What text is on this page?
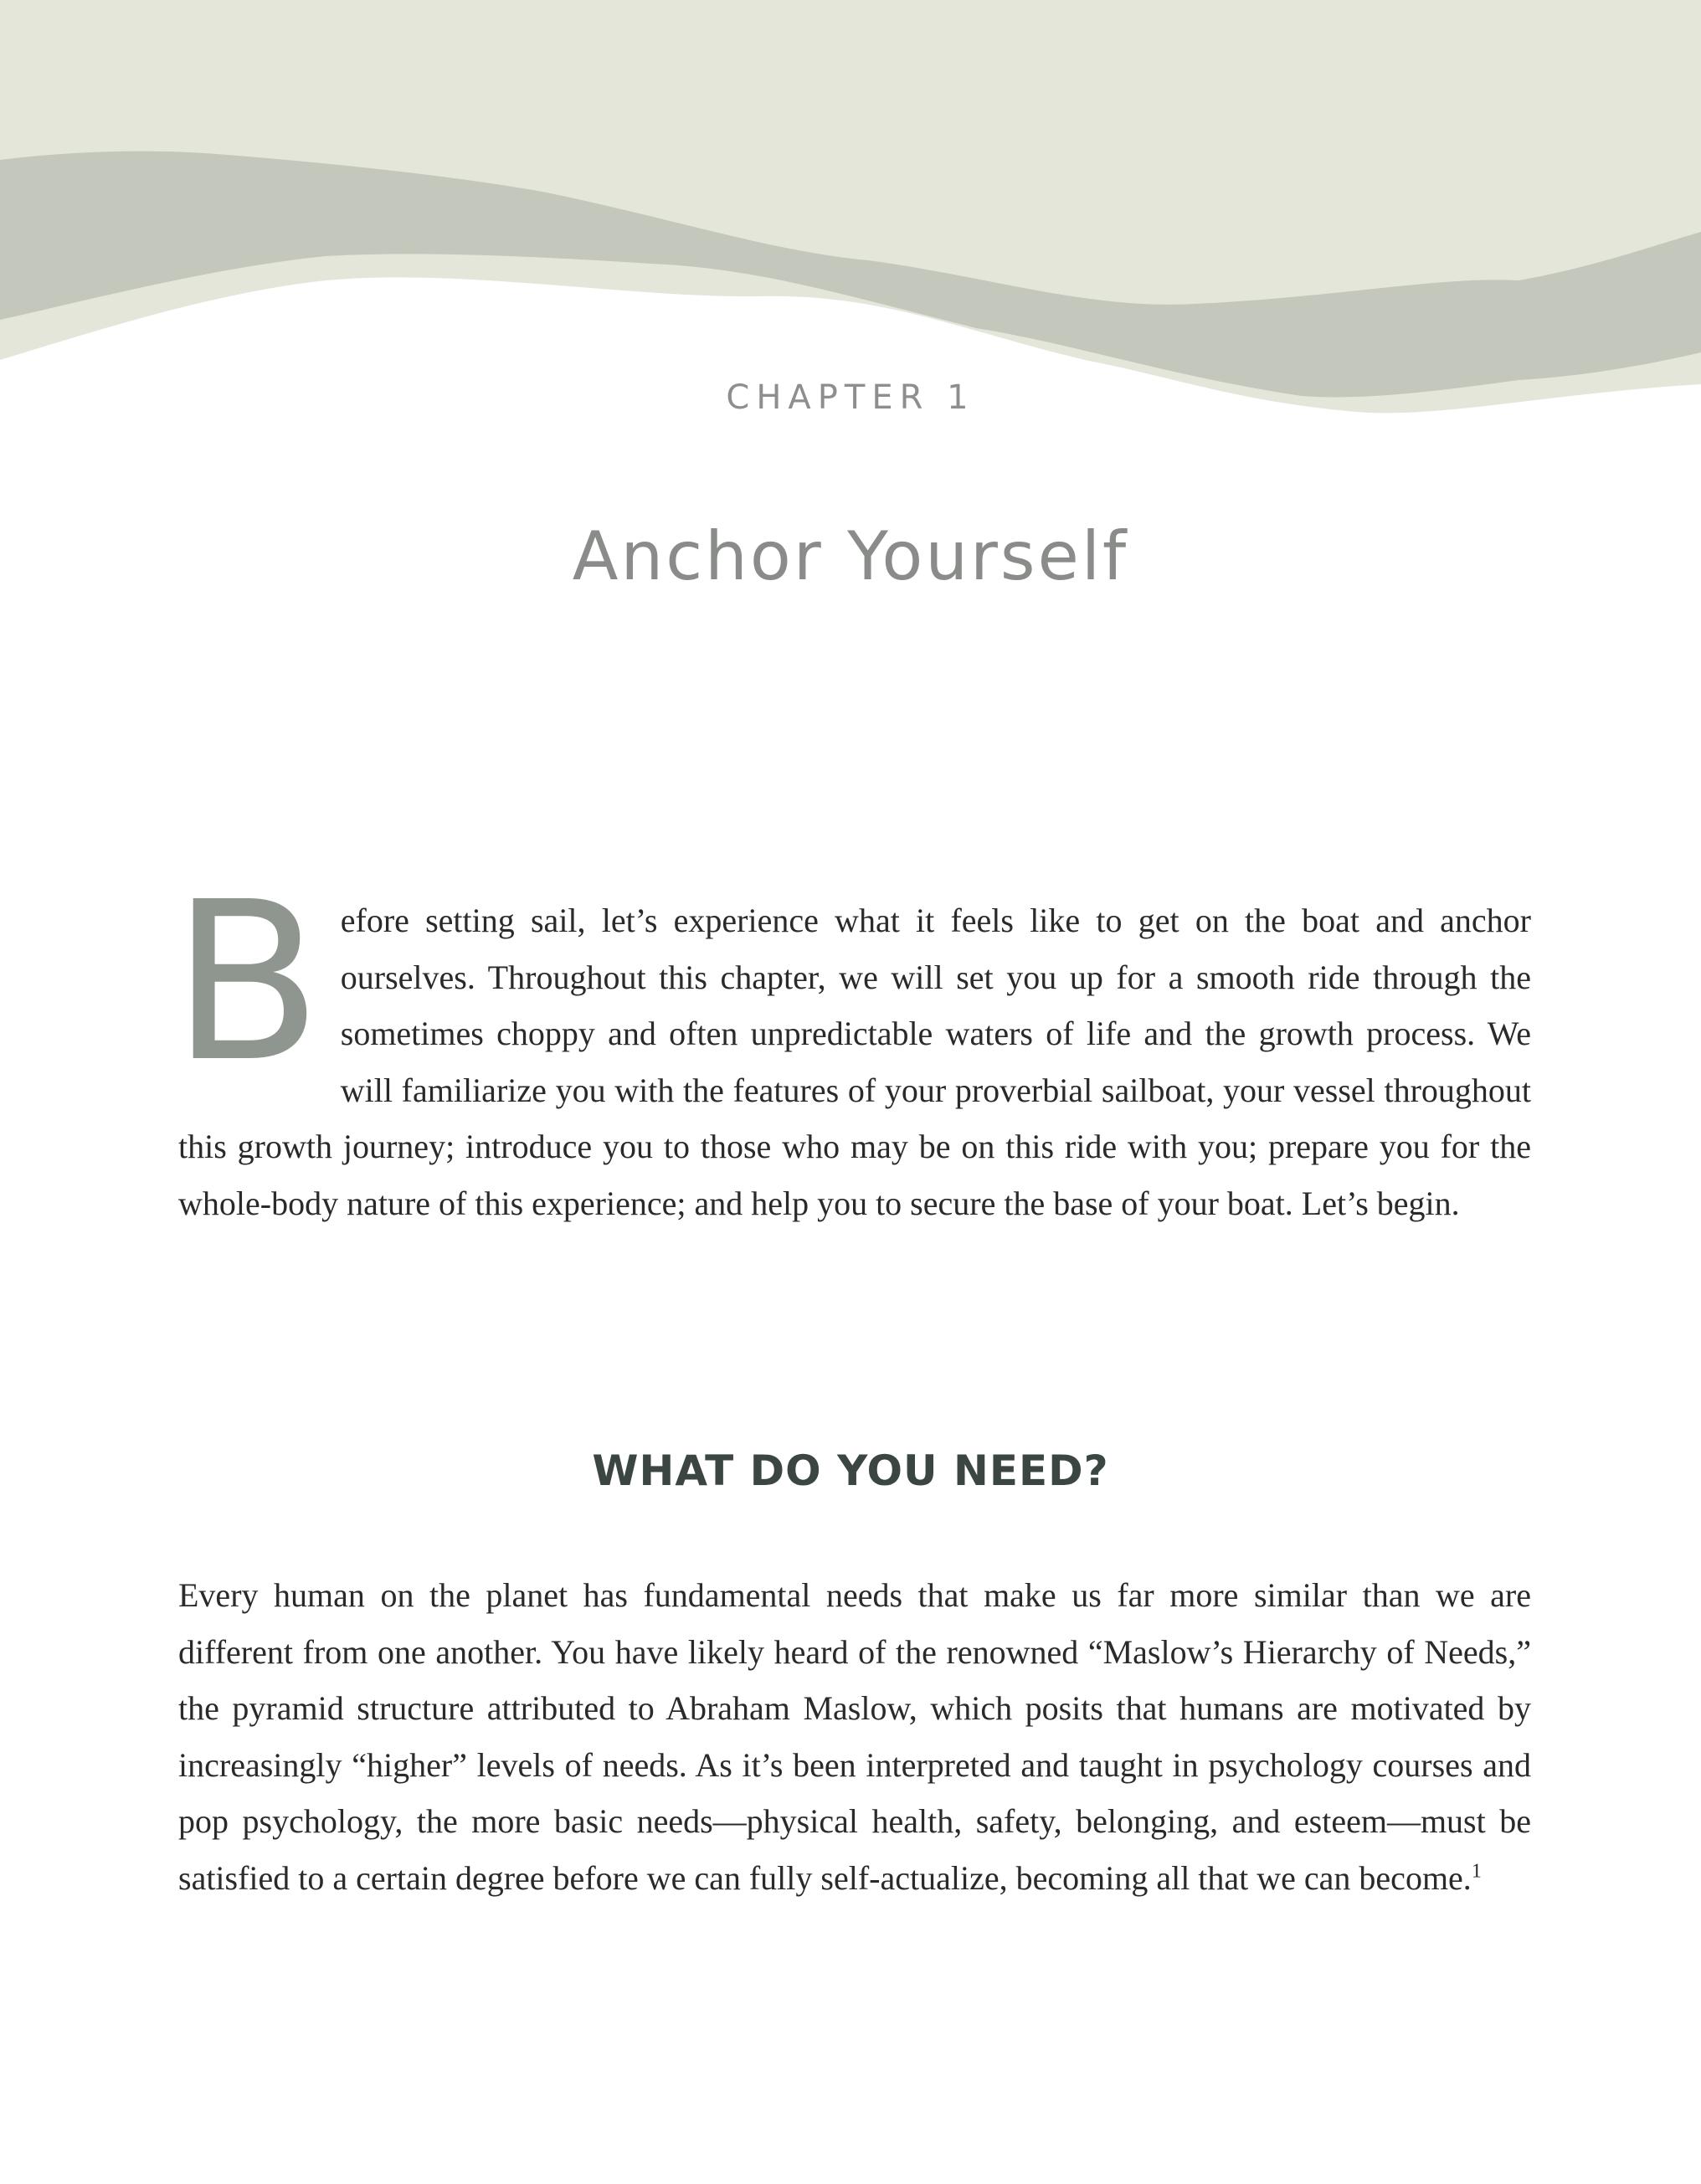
CHAPTER 1
Anchor Yourself

Before setting sail, let’s experience what it feels like to get on the boat and anchor ourselves. Throughout this chapter, we will set you up for a smooth ride through the sometimes choppy and often unpredictable waters of life and the growth process. We will familiarize you with the features of your proverbial sailboat, your vessel throughout this growth journey; introduce you to those who may be on this ride with you; prepare you for the whole-body nature of this experience; and help you to secure the base of your boat. Let’s begin.

WHAT DO YOU NEED?

Every human on the planet has fundamental needs that make us far more similar than we are different from one another. You have likely heard of the renowned “Maslow’s Hierarchy of Needs,” the pyramid structure attributed to Abraham Maslow, which posits that humans are motivated by increasingly “higher” levels of needs. As it’s been interpreted and taught in psychology courses and pop psychology, the more basic needs—physical health, safety, belonging, and esteem—must be satisfied to a certain degree before we can fully self-actualize, becoming all that we can become.$^1$
